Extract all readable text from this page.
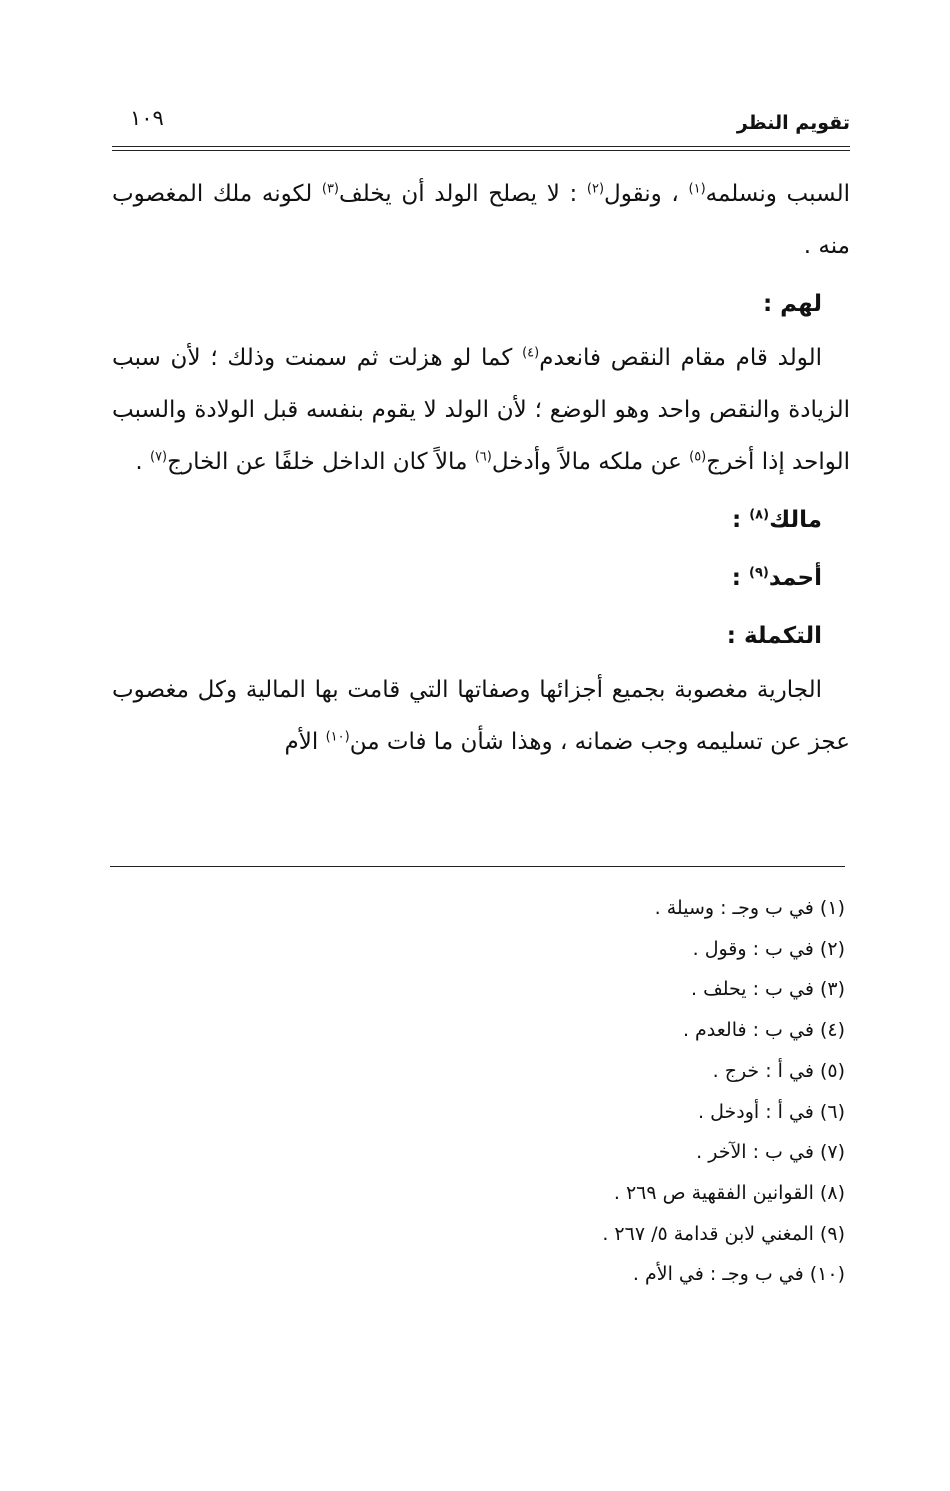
تقويم النظر
١٠٩

السبب ونسلمه$^{(١)}$ ، ونقول$^{(٢)}$ : لا يصلح الولد أن يخلف$^{(٣)}$ لكونه ملك المغصوب منه .

لهم :

الولد قام مقام النقص فانعدم$^{(٤)}$ كما لو هزلت ثم سمنت وذلك ؛ لأن سبب الزيادة والنقص واحد وهو الوضع ؛ لأن الولد لا يقوم بنفسه قبل الولادة والسبب الواحد إذا أخرج$^{(٥)}$ عن ملكه مالاً وأدخل$^{(٦)}$ مالاً كان الداخل خلفًا عن الخارج$^{(٧)}$ .

مالك$^{(٨)}$ :

أحمد$^{(٩)}$ :

التكملة :

الجارية مغصوبة بجميع أجزائها وصفاتها التي قامت بها المالية وكل مغصوب عجز عن تسليمه وجب ضمانه ، وهذا شأن ما فات من$^{(١٠)}$ الأم

(١) في ب وجـ : وسيلة .
(٢) في ب : وقول .
(٣) في ب : يحلف .
(٤) في ب : فالعدم .
(٥) في أ : خرج .
(٦) في أ : أودخل .
(٧) في ب : الآخر .
(٨) القوانين الفقهية ص ٢٦٩ .
(٩) المغني لابن قدامة ٥/ ٢٦٧ .
(١٠) في ب وجـ : في الأم .
